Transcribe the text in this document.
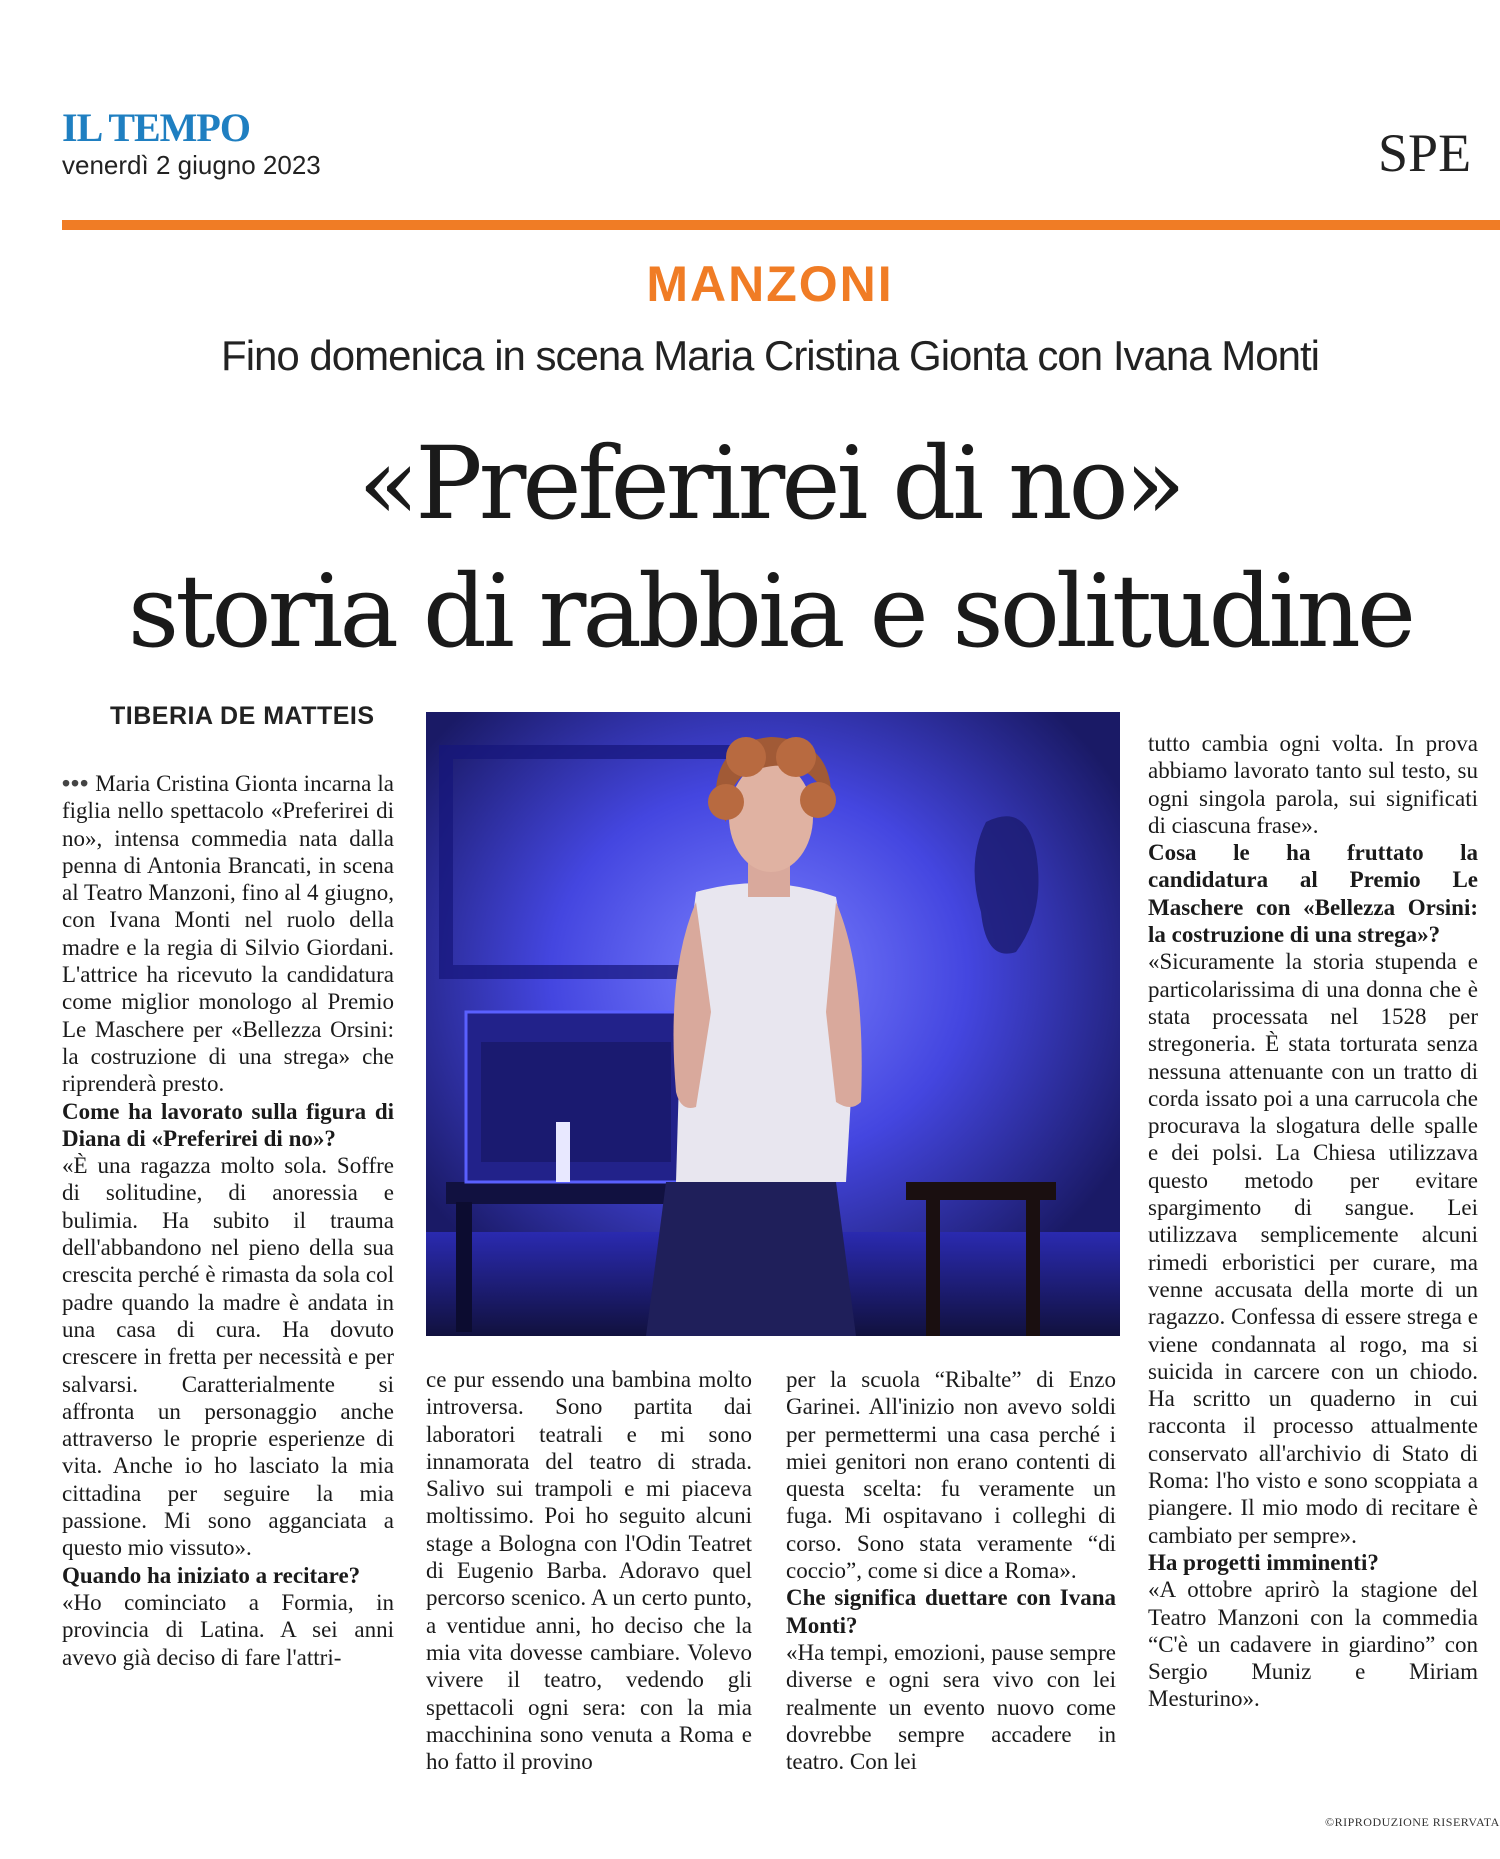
IL TEMPO
venerdì 2 giugno 2023	SPE
MANZONI
Fino domenica in scena Maria Cristina Gionta con Ivana Monti
«Preferirei di no»
storia di rabbia e solitudine
TIBERIA DE MATTEIS

••• Maria Cristina Gionta incarna la figlia nello spettacolo «Preferirei di no», intensa commedia nata dalla penna di Antonia Brancati, in scena al Teatro Manzoni, fino al 4 giugno, con Ivana Monti nel ruolo della madre e la regia di Silvio Giordani. L'attrice ha ricevuto la candidatura come miglior monologo al Premio Le Maschere per «Bellezza Orsini: la costruzione di una strega» che riprenderà presto.

Come ha lavorato sulla figura di Diana di «Preferirei di no»?

«È una ragazza molto sola. Soffre di solitudine, di anoressia e bulimia. Ha subito il trauma dell'abbandono nel pieno della sua crescita perché è rimasta da sola col padre quando la madre è andata in una casa di cura. Ha dovuto crescere in fretta per necessità e per salvarsi. Caratterialmente si affronta un personaggio anche attraverso le proprie esperienze di vita. Anche io ho lasciato la mia cittadina per seguire la mia passione. Mi sono agganciata a questo mio vissuto».

Quando ha iniziato a recitare?

«Ho cominciato a Formia, in provincia di Latina. A sei anni avevo già deciso di fare l'attri-

ce pur essendo una bambina molto introversa. Sono partita dai laboratori teatrali e mi sono innamorata del teatro di strada. Salivo sui trampoli e mi piaceva moltissimo. Poi ho seguito alcuni stage a Bologna con l'Odin Teatret di Eugenio Barba. Adoravo quel percorso scenico. A un certo punto, a ventidue anni, ho deciso che la mia vita dovesse cambiare. Volevo vivere il teatro, vedendo gli spettacoli ogni sera: con la mia macchinina sono venuta a Roma e ho fatto il provino

per la scuola “Ribalte” di Enzo Garinei. All'inizio non avevo soldi per permettermi una casa perché i miei genitori non erano contenti di questa scelta: fu veramente un fuga. Mi ospitavano i colleghi di corso. Sono stata veramente “di coccio”, come si dice a Roma».

Che significa duettare con Ivana Monti?

«Ha tempi, emozioni, pause sempre diverse e ogni sera vivo con lei realmente un evento nuovo come dovrebbe sempre accadere in teatro. Con lei

tutto cambia ogni volta. In prova abbiamo lavorato tanto sul testo, su ogni singola parola, sui significati di ciascuna frase».

Cosa le ha fruttato la candidatura al Premio Le Maschere con «Bellezza Orsini: la costruzione di una strega»?

«Sicuramente la storia stupenda e particolarissima di una donna che è stata processata nel 1528 per stregoneria. È stata torturata senza nessuna attenuante con un tratto di corda issato poi a una carrucola che procurava la slogatura delle spalle e dei polsi. La Chiesa utilizzava questo metodo per evitare spargimento di sangue. Lei utilizzava semplicemente alcuni rimedi erboristici per curare, ma venne accusata della morte di un ragazzo. Confessa di essere strega e viene condannata al rogo, ma si suicida in carcere con un chiodo. Ha scritto un quaderno in cui racconta il processo attualmente conservato all'archivio di Stato di Roma: l'ho visto e sono scoppiata a piangere. Il mio modo di recitare è cambiato per sempre».

Ha progetti imminenti?

«A ottobre aprirò la stagione del Teatro Manzoni con la commedia “C'è un cadavere in giardino” con Sergio Muniz e Miriam Mesturino».

©RIPRODUZIONE RISERVATA
